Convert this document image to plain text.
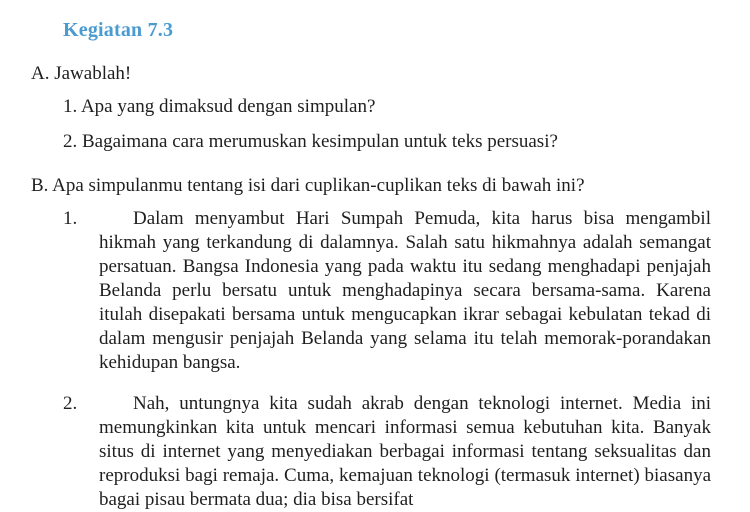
Kegiatan 7.3
A. Jawablah!
1. Apa yang dimaksud dengan simpulan?
2. Bagaimana cara merumuskan kesimpulan untuk teks persuasi?
B. Apa simpulanmu tentang isi dari cuplikan-cuplikan teks di bawah ini?
1.	Dalam menyambut Hari Sumpah Pemuda, kita harus bisa mengambil hikmah yang terkandung di dalamnya. Salah satu hikmahnya adalah semangat persatuan. Bangsa Indonesia yang pada waktu itu sedang menghadapi penjajah Belanda perlu bersatu untuk menghadapinya secara bersama-sama. Karena itulah disepakati bersama untuk mengucapkan ikrar sebagai kebulatan tekad di dalam mengusir penjajah Belanda yang selama itu telah memorak-porandakan kehidupan bangsa.
2.	Nah, untungnya kita sudah akrab dengan teknologi internet. Media ini memungkinkan kita untuk mencari informasi semua kebutuhan kita. Banyak situs di internet yang menyediakan berbagai informasi tentang seksualitas dan reproduksi bagi remaja. Cuma, kemajuan teknologi (termasuk internet) biasanya bagai pisau bermata dua; dia bisa bersifat
